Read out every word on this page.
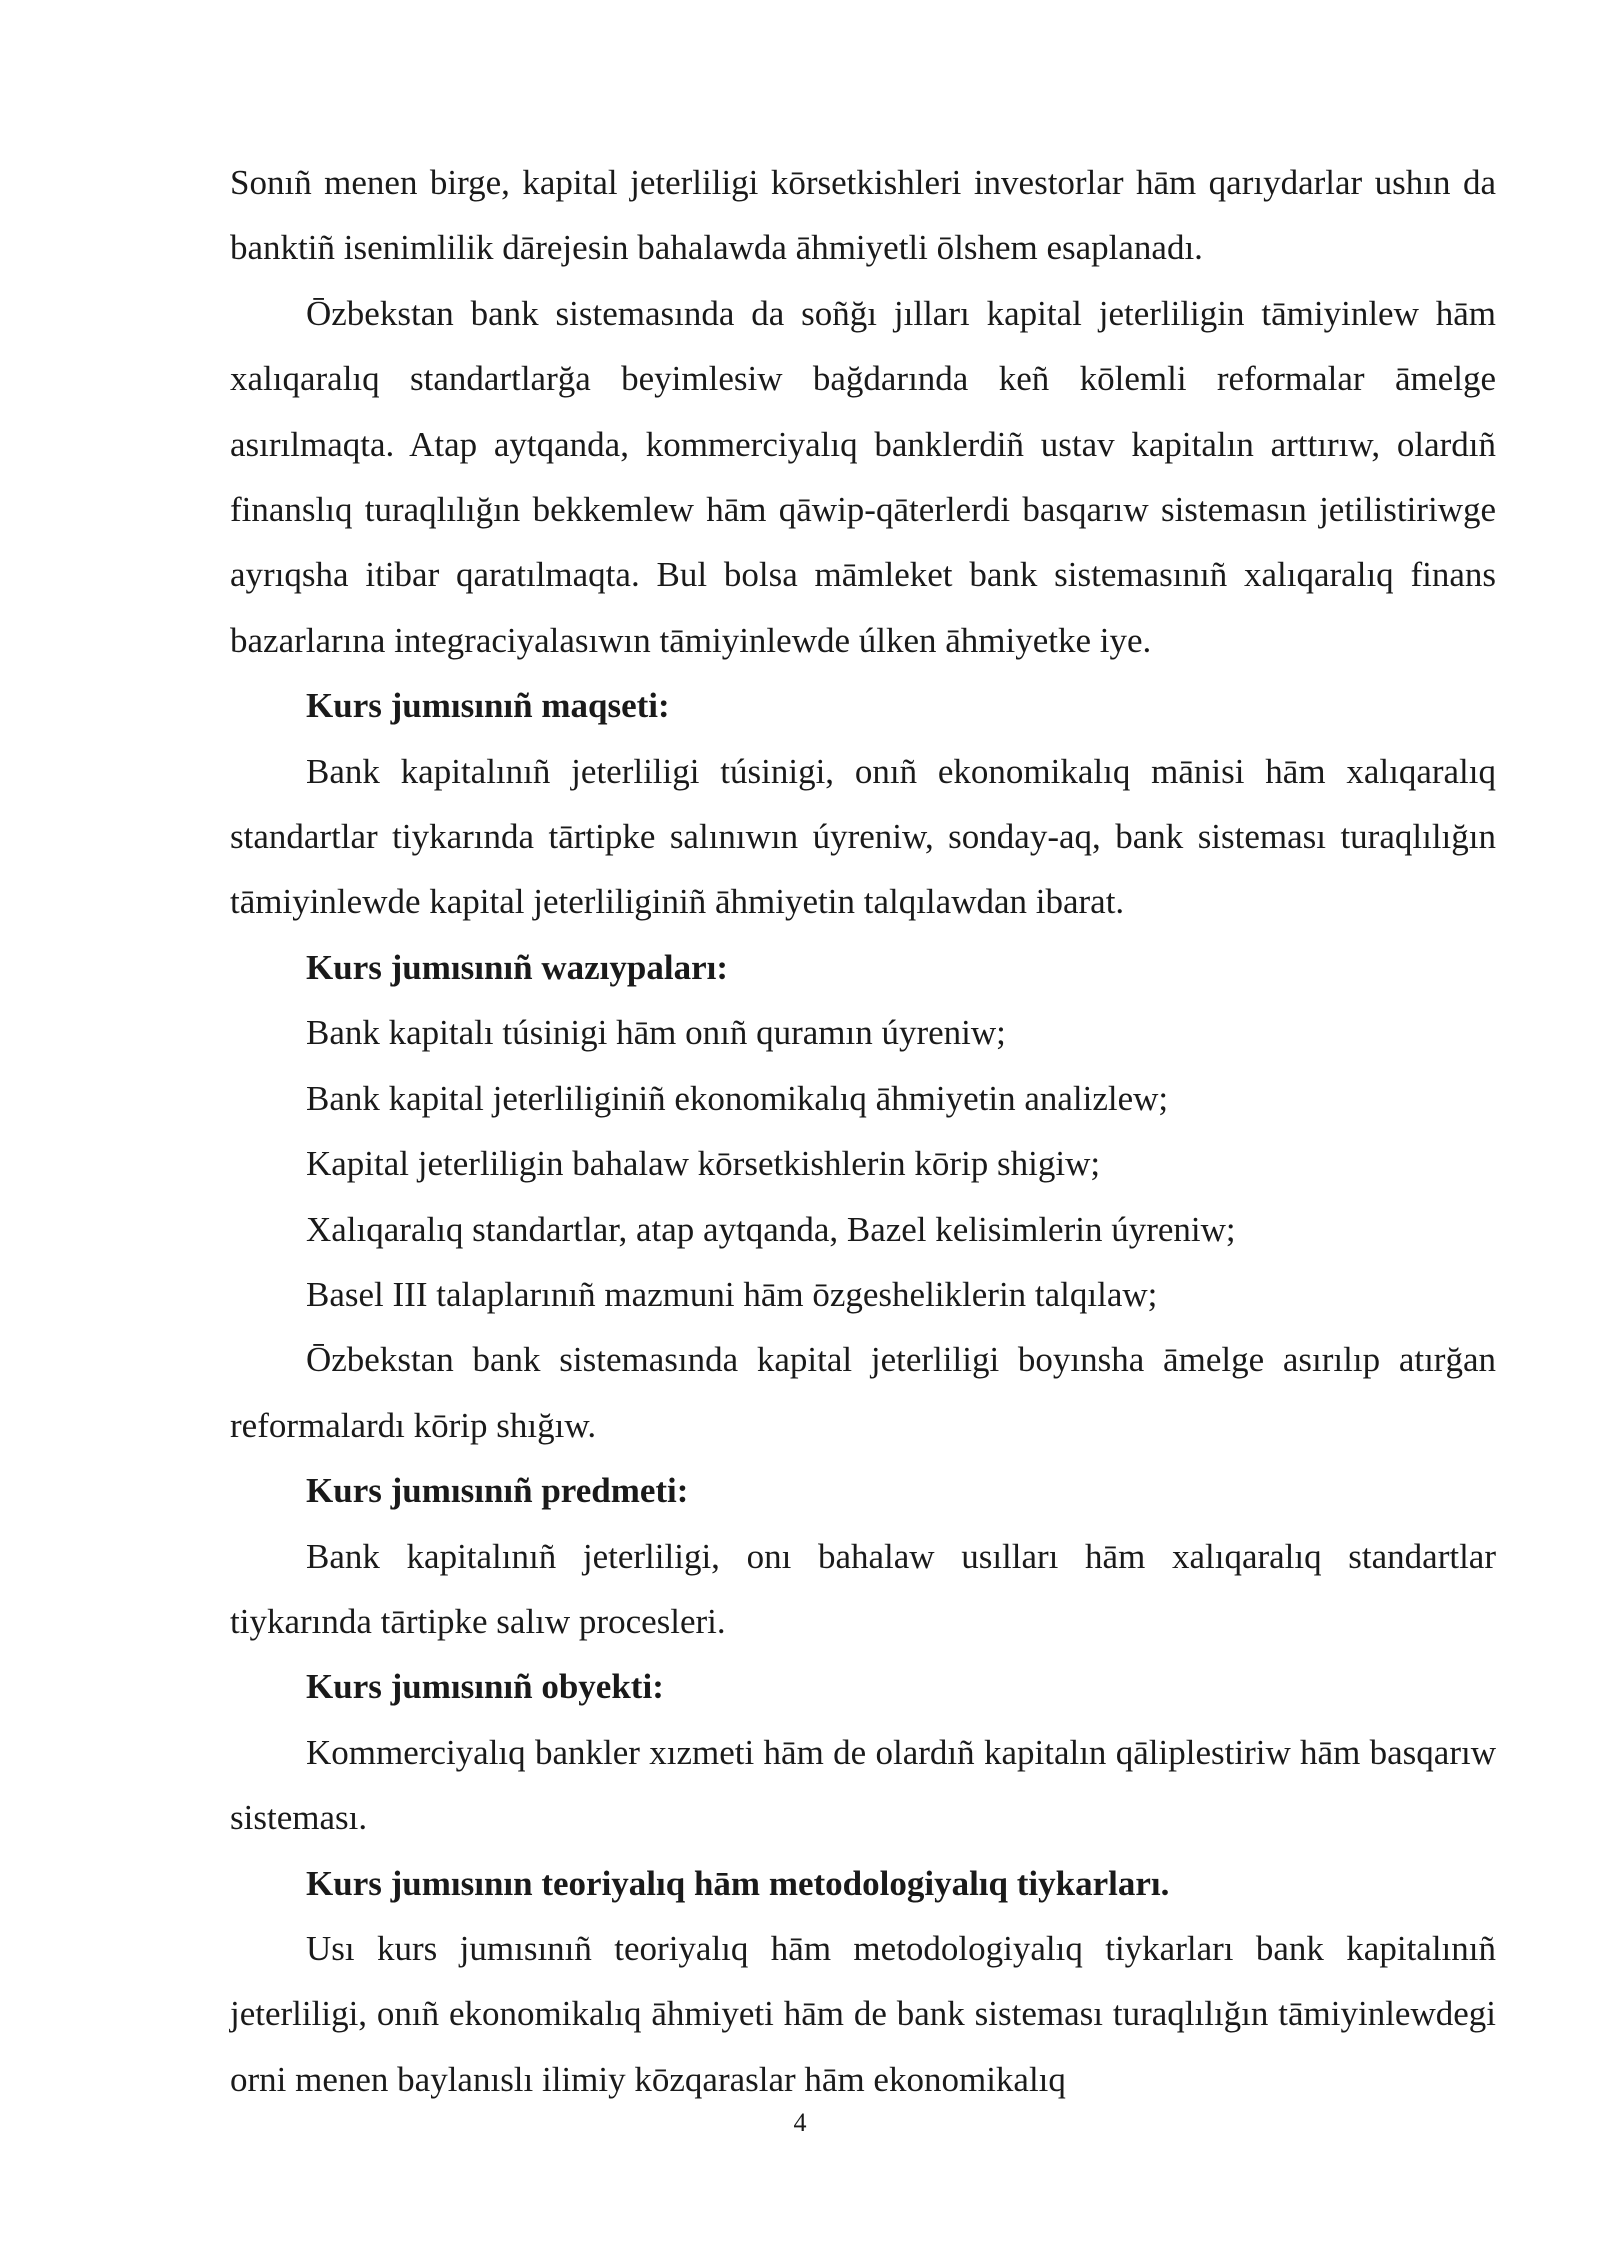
Sonıñ menen birge, kapital jeterliligi kōrsetkishleri investorlar hām qarıydarlar ushın da banktiñ isenimlilik dārejesin bahalawda āhmiyetli ōlshem esaplanadı.

Ōzbekstan bank sistemasında da soñğı jılları kapital jeterliligin tāmiyinlew hām xalıqaralıq standartlarğa beyimlesiw bağdarında keñ kōlemli reformalar āmelge asırılmaqta. Atap aytqanda, kommerciyalıq banklerdiñ ustav kapitalın arttırıw, olardıñ finanslıq turaqlılığın bekkemlew hām qāwip-qāterlerdi basqarıw sistemasın jetilistiriwge ayrıqsha itibar qaratılmaqta. Bul bolsa māmleket bank sistemasınıñ xalıqaralıq finans bazarlarına integraciyalasıwın tāmiyinlewde úlken āhmiyetke iye.

Kurs jumısınıñ maqseti:

Bank kapitalınıñ jeterliligi túsinigi, onıñ ekonomikalıq mānisi hām xalıqaralıq standartlar tiykarında tārtipke salınıwın úyreniw, sonday-aq, bank sisteması turaqlılığın tāmiyinlewde kapital jeterliliginiñ āhmiyetin talqılawdan ibarat.

Kurs jumısınıñ wazıypaları:

Bank kapitalı túsinigi hām onıñ quramın úyreniw;

Bank kapital jeterliliginiñ ekonomikalıq āhmiyetin analizlew;

Kapital jeterliligin bahalaw kōrsetkishlerin kōrip shigiw;

Xalıqaralıq standartlar, atap aytqanda, Bazel kelisimlerin úyreniw;

Basel III talaplarınıñ mazmuni hām ōzgesheliklerin talqılaw;

Ōzbekstan bank sistemasında kapital jeterliligi boyınsha āmelge asırılıp atırğan reformalardı kōrip shığıw.

Kurs jumısınıñ predmeti:

Bank kapitalınıñ jeterliligi, onı bahalaw usılları hām xalıqaralıq standartlar tiykarında tārtipke salıw procesleri.

Kurs jumısınıñ obyekti:

Kommerciyalıq bankler xızmeti hām de olardıñ kapitalın qāliplestiriw hām basqarıw sisteması.

Kurs jumısının teoriyalıq hām metodologiyalıq tiykarları.

Usı kurs jumısınıñ teoriyalıq hām metodologiyalıq tiykarları bank kapitalınıñ jeterliligi, onıñ ekonomikalıq āhmiyeti hām de bank sisteması turaqlılığın tāmiyinlewdegi orni menen baylanıslı ilimiy kōzqaraslar hām ekonomikalıq

4
